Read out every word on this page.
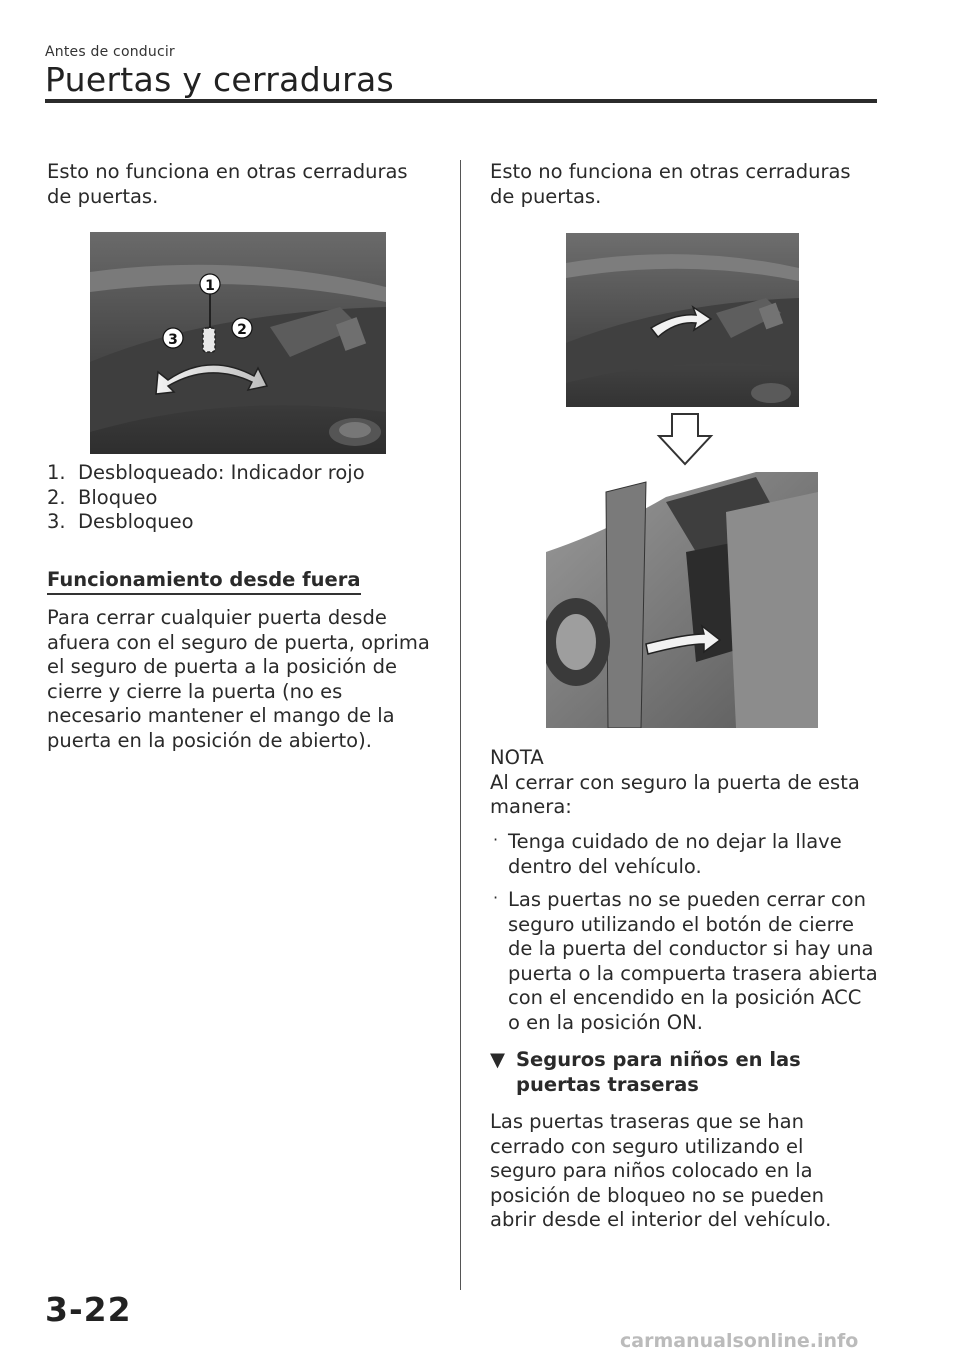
Antes de conducir
Puertas y cerraduras

Esto no funciona en otras cerraduras de puertas.

1
2
3
1. Desbloqueado: Indicador rojo
2. Bloqueo
3. Desbloqueo
Funcionamiento desde fuera

Para cerrar cualquier puerta desde afuera con el seguro de puerta, oprima el seguro de puerta a la posición de cierre y cierre la puerta (no es necesario mantener el mango de la puerta en la posición de abierto).

Esto no funciona en otras cerraduras de puertas.

NOTA

Al cerrar con seguro la puerta de esta manera:

· Tenga cuidado de no dejar la llave dentro del vehículo.
· Las puertas no se pueden cerrar con seguro utilizando el botón de cierre de la puerta del conductor si hay una puerta o la compuerta trasera abierta con el encendido en la posición ACC o en la posición ON.
▼ Seguros para niños en las puertas traseras

Las puertas traseras que se han cerrado con seguro utilizando el seguro para niños colocado en la posición de bloqueo no se pueden abrir desde el interior del vehículo.

3-22
carmanualsonline.info
